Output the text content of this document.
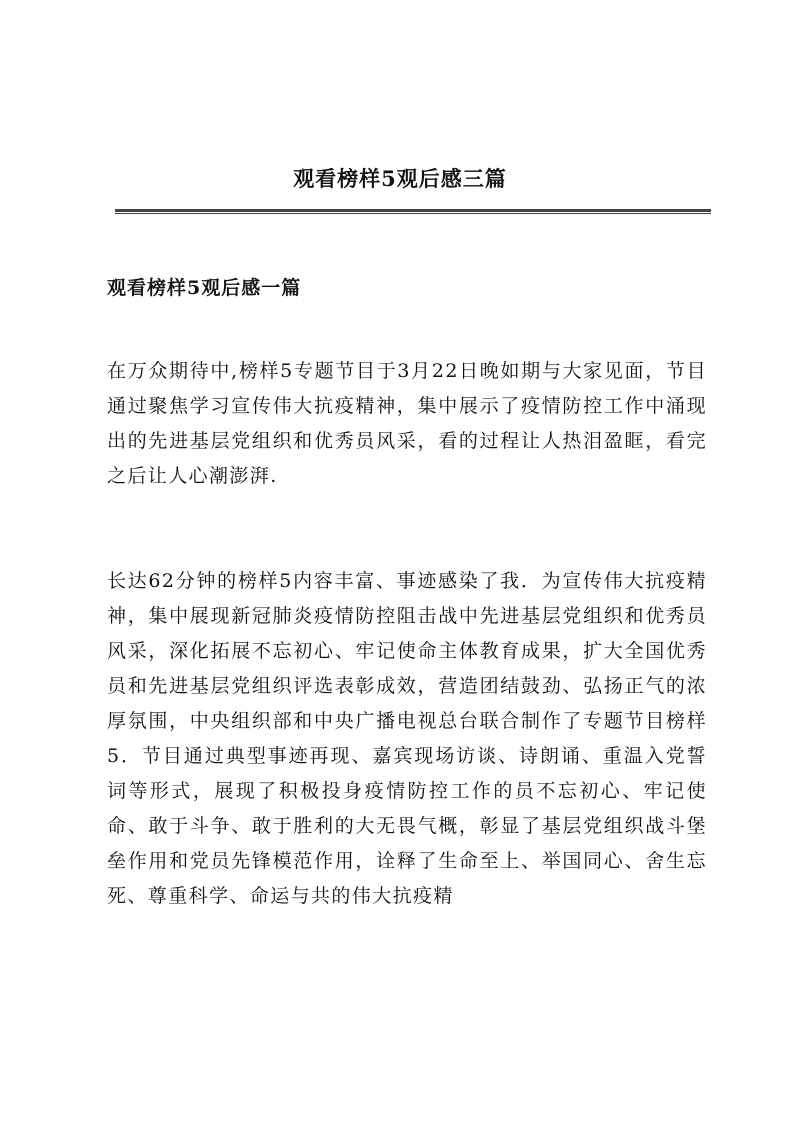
观看榜样5观后感三篇
观看榜样5观后感一篇

在万众期待中,榜样5专题节目于3月22日晚如期与大家见面，节目通过聚焦学习宣传伟大抗疫精神，集中展示了疫情防控工作中涌现出的先进基层党组织和优秀员风采，看的过程让人热泪盈眶，看完之后让人心潮澎湃.

长达62分钟的榜样5内容丰富、事迹感染了我．为宣传伟大抗疫精神，集中展现新冠肺炎疫情防控阻击战中先进基层党组织和优秀员风采，深化拓展不忘初心、牢记使命主体教育成果，扩大全国优秀员和先进基层党组织评选表彰成效，营造团结鼓劲、弘扬正气的浓厚氛围，中央组织部和中央广播电视总台联合制作了专题节目榜样5．节目通过典型事迹再现、嘉宾现场访谈、诗朗诵、重温入党誓词等形式，展现了积极投身疫情防控工作的员不忘初心、牢记使命、敢于斗争、敢于胜利的大无畏气概，彰显了基层党组织战斗堡垒作用和党员先锋模范作用，诠释了生命至上、举国同心、舍生忘死、尊重科学、命运与共的伟大抗疫精
